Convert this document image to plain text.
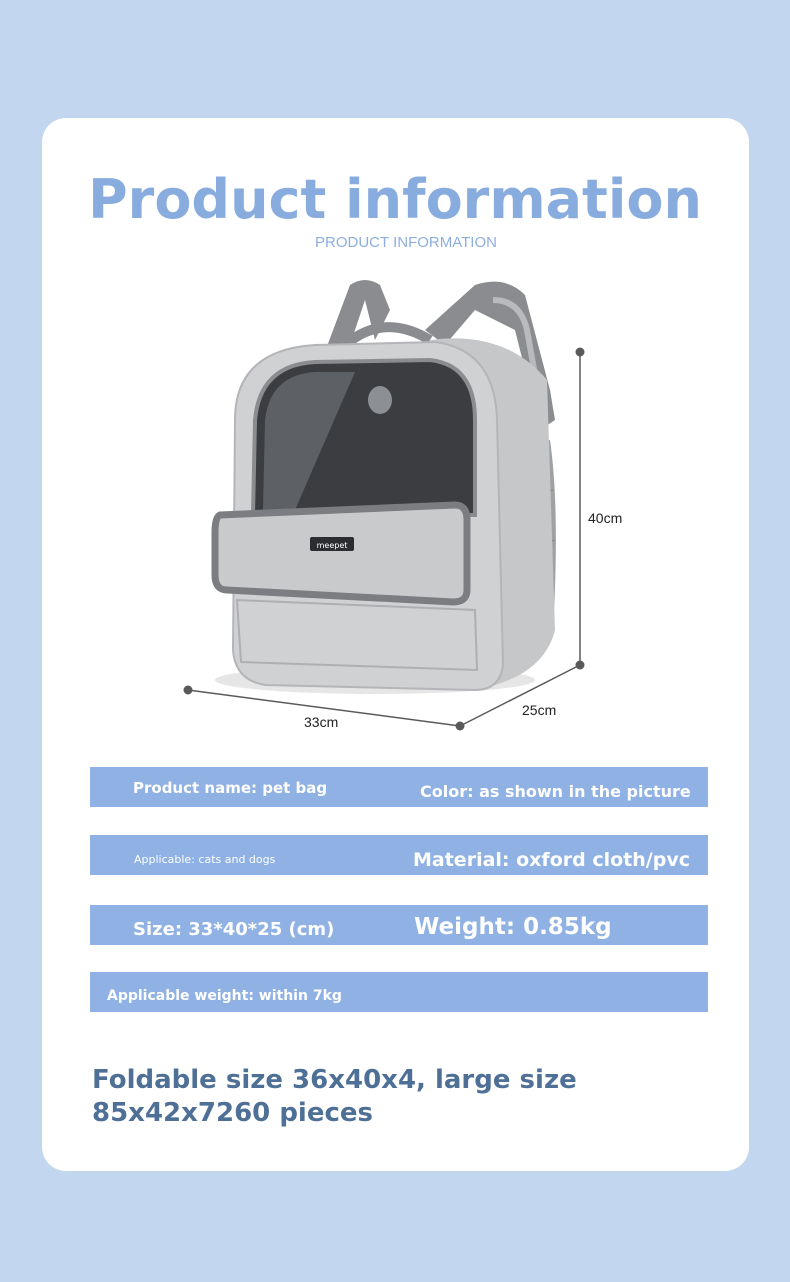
Product information
PRODUCT INFORMATION
meepet
40cm
33cm
25cm
Product name: pet bag	Color: as shown in the picture
Applicable: cats and dogs	Material: oxford cloth/pvc
Size: 33*40*25 (cm)	Weight: 0.85kg
Applicable weight: within 7kg
Foldable size 36x40x4, large size
85x42x7260 pieces
